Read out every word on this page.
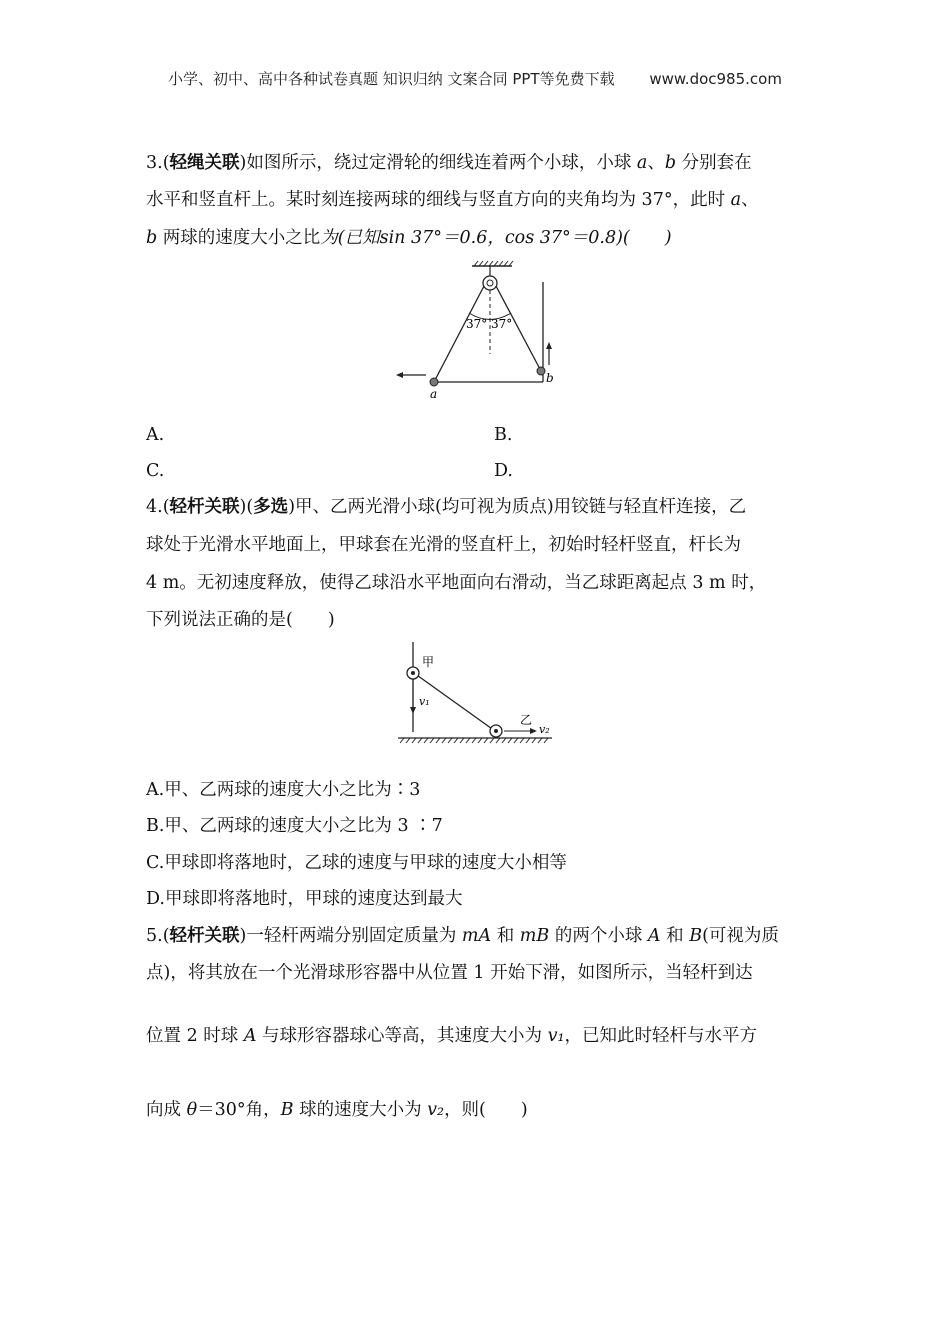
小学、初中、高中各种试卷真题 知识归纳 文案合同 PPT等免费下载 www.doc985.com
3.(轻绳关联)如图所示，绕过定滑轮的细线连着两个小球，小球 a、b 分别套在
水平和竖直杆上。某时刻连接两球的细线与竖直方向的夹角均为 37°，此时 a、
b 两球的速度大小之比为(已知sin 37°＝0.6，cos 37°＝0.8)(　　)
37° 37°
a
b
A.	B.
C.	D.
4.(轻杆关联)(多选)甲、乙两光滑小球(均可视为质点)用铰链与轻直杆连接，乙
球处于光滑水平地面上，甲球套在光滑的竖直杆上，初始时轻杆竖直，杆长为
4 m。无初速度释放，使得乙球沿水平地面向右滑动，当乙球距离起点 3 m 时，
下列说法正确的是(　　)
甲
v₁
乙
v₂
A.甲、乙两球的速度大小之比为∶3
B.甲、乙两球的速度大小之比为 3 ∶7
C.甲球即将落地时，乙球的速度与甲球的速度大小相等
D.甲球即将落地时，甲球的速度达到最大
5.(轻杆关联)一轻杆两端分别固定质量为 mA 和 mB 的两个小球 A 和 B(可视为质
点)，将其放在一个光滑球形容器中从位置 1 开始下滑，如图所示，当轻杆到达
位置 2 时球 A 与球形容器球心等高，其速度大小为 v₁，已知此时轻杆与水平方
向成 θ＝30°角，B 球的速度大小为 v₂，则(　　)
